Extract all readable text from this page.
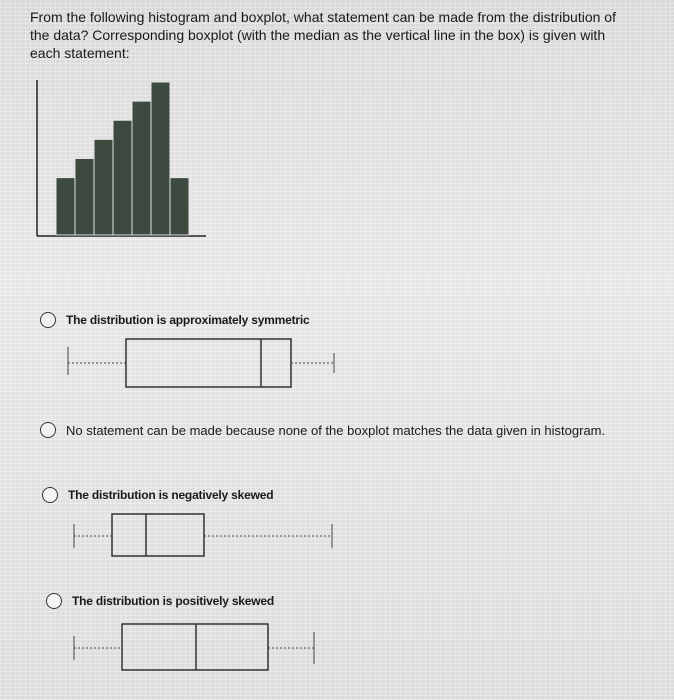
From the following histogram and boxplot, what statement can be made from the distribution of the data? Corresponding boxplot (with the median as the vertical line in the box) is given with each statement:

The distribution is approximately symmetric
No statement can be made because none of the boxplot matches the data given in histogram.
The distribution is negatively skewed
The distribution is positively skewed
